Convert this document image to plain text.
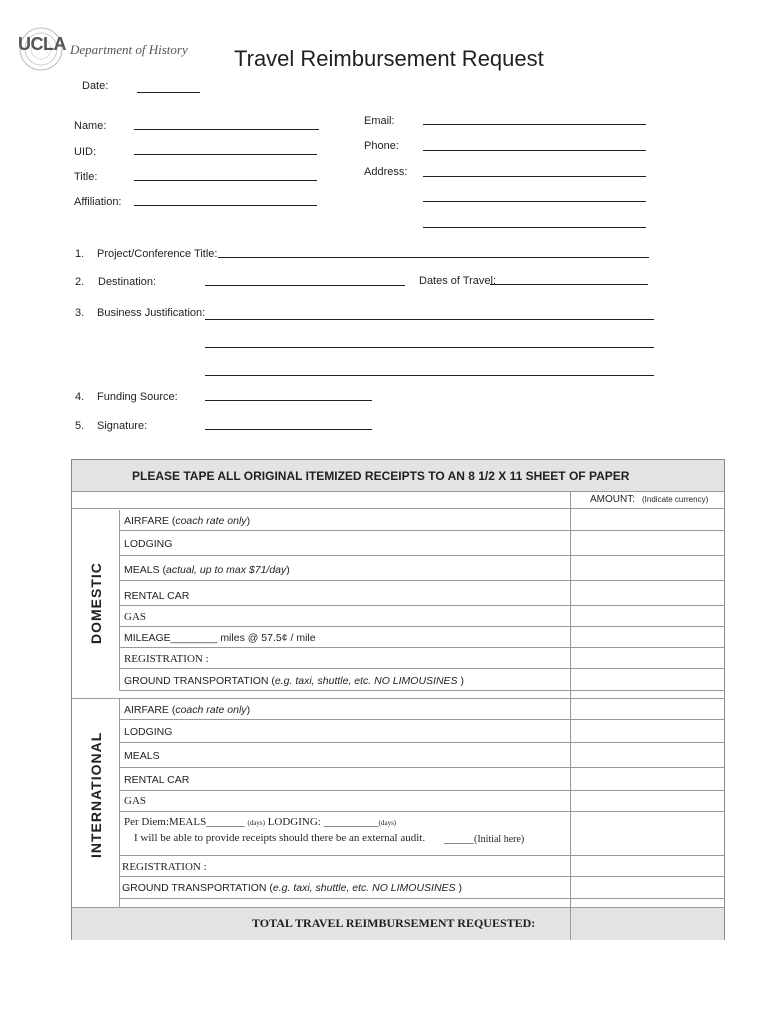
UCLA Department of History Travel Reimbursement Request
Date:
Name:
UID:
Title:
Affiliation:
Email:
Phone:
Address:
1. Project/Conference Title:
2. Destination:	Dates of Travel:
3. Business Justification:
4. Funding Source:
5. Signature:
PLEASE TAPE ALL ORIGINAL ITEMIZED RECEIPTS TO AN 8 1/2 X 11 SHEET OF PAPER
AMOUNT: (Indicate currency)
DOMESTIC
INTERNATIONAL
AIRFARE (coach rate only)
LODGING
MEALS (actual, up to max $71/day)
RENTAL CAR
GAS
MILEAGE________ miles @ 57.5¢ / mile
REGISTRATION :
GROUND TRANSPORTATION (e.g. taxi, shuttle, etc. NO LIMOUSINES )
AIRFARE (coach rate only)
LODGING
MEALS
RENTAL CAR
GAS
Per Diem:MEALS_______ (days) LODGING: __________(days)
I will be able to provide receipts should there be an external audit. ______(Initial here)
REGISTRATION :
GROUND TRANSPORTATION (e.g. taxi, shuttle, etc. NO LIMOUSINES )
TOTAL TRAVEL REIMBURSEMENT REQUESTED:
